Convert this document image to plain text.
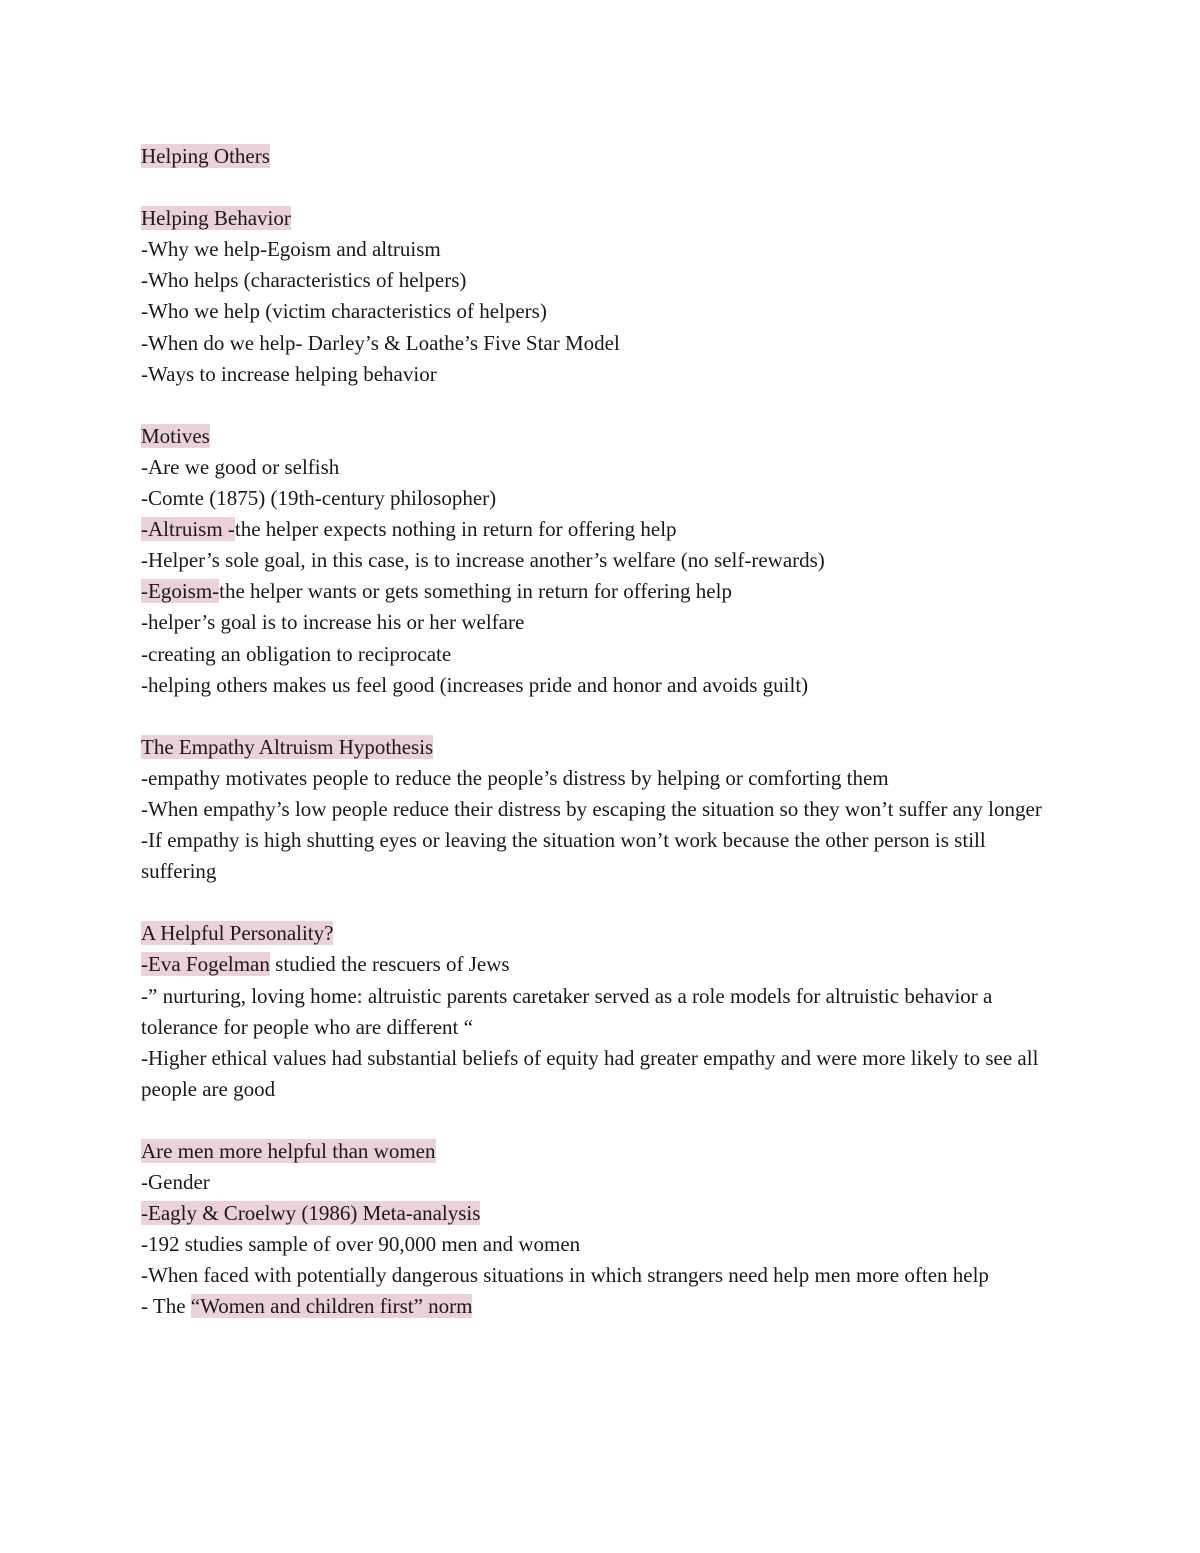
Helping Others

Helping Behavior

-Why we help-Egoism and altruism

-Who helps (characteristics of helpers)

-Who we help (victim characteristics of helpers)

-When do we help- Darley’s & Loathe’s Five Star Model

-Ways to increase helping behavior

Motives

-Are we good or selfish

-Comte (1875) (19th-century philosopher)

-Altruism -the helper expects nothing in return for offering help

-Helper’s sole goal, in this case, is to increase another’s welfare (no self-rewards)

-Egoism-the helper wants or gets something in return for offering help

-helper’s goal is to increase his or her welfare

-creating an obligation to reciprocate

-helping others makes us feel good (increases pride and honor and avoids guilt)

The Empathy Altruism Hypothesis

-empathy motivates people to reduce the people’s distress by helping or comforting them

-When empathy’s low people reduce their distress by escaping the situation so they won’t suffer any longer

-If empathy is high shutting eyes or leaving the situation won’t work because the other person is still suffering

A Helpful Personality?

-Eva Fogelman studied the rescuers of Jews

-” nurturing, loving home: altruistic parents caretaker served as a role models for altruistic behavior a tolerance for people who are different “

-Higher ethical values had substantial beliefs of equity had greater empathy and were more likely to see all people are good

Are men more helpful than women

-Gender

-Eagly & Croelwy (1986) Meta-analysis

-192 studies sample of over 90,000 men and women

-When faced with potentially dangerous situations in which strangers need help men more often help

- The “Women and children first” norm
